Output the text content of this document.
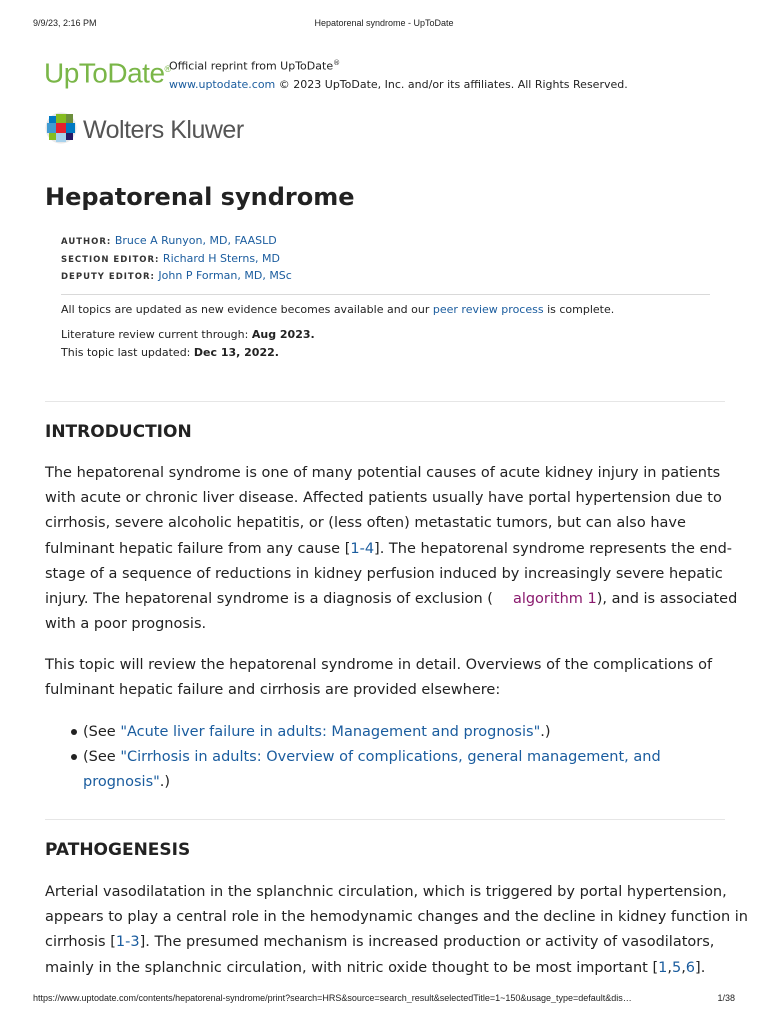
9/9/23, 2:16 PM	Hepatorenal syndrome - UpToDate
UpToDate®
Official reprint from UpToDate®
www.uptodate.com © 2023 UpToDate, Inc. and/or its affiliates. All Rights Reserved.
Wolters Kluwer
Hepatorenal syndrome
AUTHOR: Bruce A Runyon, MD, FAASLD
SECTION EDITOR: Richard H Sterns, MD
DEPUTY EDITOR: John P Forman, MD, MSc
All topics are updated as new evidence becomes available and our peer review process is complete.
Literature review current through: Aug 2023.
This topic last updated: Dec 13, 2022.
INTRODUCTION
The hepatorenal syndrome is one of many potential causes of acute kidney injury in patients
with acute or chronic liver disease. Affected patients usually have portal hypertension due to
cirrhosis, severe alcoholic hepatitis, or (less often) metastatic tumors, but can also have
fulminant hepatic failure from any cause [1-4]. The hepatorenal syndrome represents the end-
stage of a sequence of reductions in kidney perfusion induced by increasingly severe hepatic
injury. The hepatorenal syndrome is a diagnosis of exclusion ( algorithm 1), and is associated
with a poor prognosis.
This topic will review the hepatorenal syndrome in detail. Overviews of the complications of
fulminant hepatic failure and cirrhosis are provided elsewhere:
(See "Acute liver failure in adults: Management and prognosis".)
(See "Cirrhosis in adults: Overview of complications, general management, and
prognosis".)
PATHOGENESIS
Arterial vasodilatation in the splanchnic circulation, which is triggered by portal hypertension,
appears to play a central role in the hemodynamic changes and the decline in kidney function in
cirrhosis [1-3]. The presumed mechanism is increased production or activity of vasodilators,
mainly in the splanchnic circulation, with nitric oxide thought to be most important [1,5,6].
https://www.uptodate.com/contents/hepatorenal-syndrome/print?search=HRS&source=search_result&selectedTitle=1~150&usage_type=default&dis…	1/38
